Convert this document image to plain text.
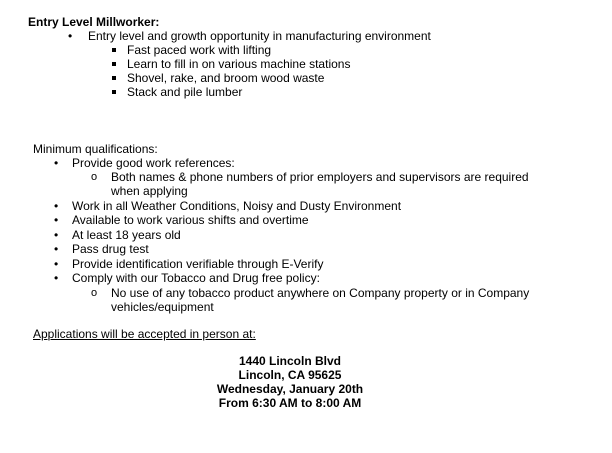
Entry Level Millworker:
• Entry level and growth opportunity in manufacturing environment
Fast paced work with lifting
Learn to fill in on various machine stations
Shovel, rake, and broom wood waste
Stack and pile lumber
Minimum qualifications:
• Provide good work references:
o Both names & phone numbers of prior employers and supervisors are required
when applying
• Work in all Weather Conditions, Noisy and Dusty Environment
• Available to work various shifts and overtime
• At least 18 years old
• Pass drug test
• Provide identification verifiable through E-Verify
• Comply with our Tobacco and Drug free policy:
o No use of any tobacco product anywhere on Company property or in Company
vehicles/equipment
Applications will be accepted in person at:
1440 Lincoln Blvd
Lincoln, CA 95625
Wednesday, January 20th
From 6:30 AM to 8:00 AM
